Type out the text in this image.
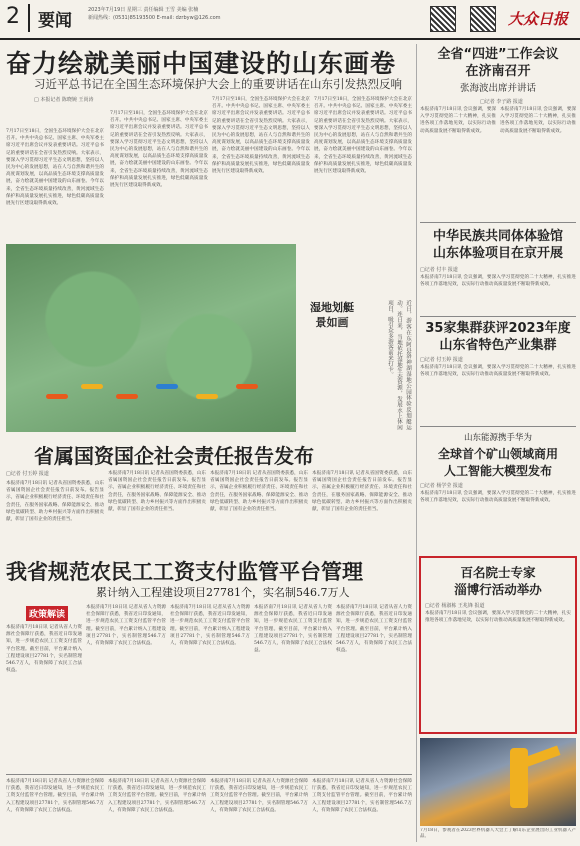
2 要闻
2023年7月19日 星期三 责任编辑 王雪 美编 张楠
新闻热线：(0531)85193500 E-mail: dzrbyw@126.com	大众日报
奋力绘就美丽中国建设的山东画卷
习近平总书记在全国生态环境保护大会上的重要讲话在山东引发热烈反响
□ 本报记者 陈晓婉 王尚涛
7月17日至18日，全国生态环境保护大会在北京召开。中共中央总书记、国家主席、中央军委主席习近平出席会议并发表重要讲话。习近平总书记的重要讲话在全省引发热烈反响。大家表示，要深入学习贯彻习近平生态文明思想，坚持以人民为中心的发展思想，站在人与自然和谐共生的高度谋划发展，以高品质生态环境支撑高质量发展，奋力绘就美丽中国建设的山东画卷。今年以来，全省生态环境质量持续改善，黄河流域生态保护和高质量发展扎实推进，绿色低碳高质量发展先行区建设取得新成效。
7月17日至18日，全国生态环境保护大会在北京召开。中共中央总书记、国家主席、中央军委主席习近平出席会议并发表重要讲话。习近平总书记的重要讲话在全省引发热烈反响。大家表示，要深入学习贯彻习近平生态文明思想，坚持以人民为中心的发展思想，站在人与自然和谐共生的高度谋划发展，以高品质生态环境支撑高质量发展，奋力绘就美丽中国建设的山东画卷。今年以来，全省生态环境质量持续改善，黄河流域生态保护和高质量发展扎实推进，绿色低碳高质量发展先行区建设取得新成效。
7月17日至18日，全国生态环境保护大会在北京召开。中共中央总书记、国家主席、中央军委主席习近平出席会议并发表重要讲话。习近平总书记的重要讲话在全省引发热烈反响。大家表示，要深入学习贯彻习近平生态文明思想，坚持以人民为中心的发展思想，站在人与自然和谐共生的高度谋划发展，以高品质生态环境支撑高质量发展，奋力绘就美丽中国建设的山东画卷。今年以来，全省生态环境质量持续改善，黄河流域生态保护和高质量发展扎实推进，绿色低碳高质量发展先行区建设取得新成效。
7月17日至18日，全国生态环境保护大会在北京召开。中共中央总书记、国家主席、中央军委主席习近平出席会议并发表重要讲话。习近平总书记的重要讲话在全省引发热烈反响。大家表示，要深入学习贯彻习近平生态文明思想，坚持以人民为中心的发展思想，站在人与自然和谐共生的高度谋划发展，以高品质生态环境支撑高质量发展，奋力绘就美丽中国建设的山东画卷。今年以来，全省生态环境质量持续改善，黄河流域生态保护和高质量发展扎实推进，绿色低碳高质量发展先行区建设取得新成效。
湿地划艇
景如画	近日，游客在东阿县洛神湖湿地公园体验皮划艇运动。连日来，当地依托湿地生态资源，发展水上休闲项目，吸引众多游客前来打卡。
省属国资国企社会责任报告发布
□记者 付玉婷 报道
本报济南7月18日讯 记者从省国资委获悉，山东省属国资国企社会责任报告日前发布。报告显示，省属企业积极履行经济责任、环境责任和社会责任，在服务国家战略、保障能源安全、推动绿色低碳转型、助力乡村振兴等方面作出积极贡献，彰显了国有企业的责任担当。
本报济南7月18日讯 记者从省国资委获悉，山东省属国资国企社会责任报告日前发布。报告显示，省属企业积极履行经济责任、环境责任和社会责任，在服务国家战略、保障能源安全、推动绿色低碳转型、助力乡村振兴等方面作出积极贡献，彰显了国有企业的责任担当。
本报济南7月18日讯 记者从省国资委获悉，山东省属国资国企社会责任报告日前发布。报告显示，省属企业积极履行经济责任、环境责任和社会责任，在服务国家战略、保障能源安全、推动绿色低碳转型、助力乡村振兴等方面作出积极贡献，彰显了国有企业的责任担当。
本报济南7月18日讯 记者从省国资委获悉，山东省属国资国企社会责任报告日前发布。报告显示，省属企业积极履行经济责任、环境责任和社会责任，在服务国家战略、保障能源安全、推动绿色低碳转型、助力乡村振兴等方面作出积极贡献，彰显了国有企业的责任担当。
我省规范农民工工资支付监管平台管理
累计纳入工程建设项目27781个，实名制546.7万人
政策解读
本报济南7月18日讯 记者从省人力资源社会保障厅获悉，我省近日印发通知，进一步规范农民工工资支付监管平台管理。截至目前，平台累计纳入工程建设项目27781个，实名制管理546.7万人，有效保障了农民工合法权益。
本报济南7月18日讯 记者从省人力资源社会保障厅获悉，我省近日印发通知，进一步规范农民工工资支付监管平台管理。截至目前，平台累计纳入工程建设项目27781个，实名制管理546.7万人，有效保障了农民工合法权益。
本报济南7月18日讯 记者从省人力资源社会保障厅获悉，我省近日印发通知，进一步规范农民工工资支付监管平台管理。截至目前，平台累计纳入工程建设项目27781个，实名制管理546.7万人，有效保障了农民工合法权益。
本报济南7月18日讯 记者从省人力资源社会保障厅获悉，我省近日印发通知，进一步规范农民工工资支付监管平台管理。截至目前，平台累计纳入工程建设项目27781个，实名制管理546.7万人，有效保障了农民工合法权益。
本报济南7月18日讯 记者从省人力资源社会保障厅获悉，我省近日印发通知，进一步规范农民工工资支付监管平台管理。截至目前，平台累计纳入工程建设项目27781个，实名制管理546.7万人，有效保障了农民工合法权益。
本报济南7月18日讯 记者从省人力资源社会保障厅获悉，我省近日印发通知，进一步规范农民工工资支付监管平台管理。截至目前，平台累计纳入工程建设项目27781个，实名制管理546.7万人，有效保障了农民工合法权益。
本报济南7月18日讯 记者从省人力资源社会保障厅获悉，我省近日印发通知，进一步规范农民工工资支付监管平台管理。截至目前，平台累计纳入工程建设项目27781个，实名制管理546.7万人，有效保障了农民工合法权益。
本报济南7月18日讯 记者从省人力资源社会保障厅获悉，我省近日印发通知，进一步规范农民工工资支付监管平台管理。截至目前，平台累计纳入工程建设项目27781个，实名制管理546.7万人，有效保障了农民工合法权益。
本报济南7月18日讯 记者从省人力资源社会保障厅获悉，我省近日印发通知，进一步规范农民工工资支付监管平台管理。截至目前，平台累计纳入工程建设项目27781个，实名制管理546.7万人，有效保障了农民工合法权益。
全省“四进”工作会议
在济南召开
张海波出席并讲话
□记者 李子路 报道
本报济南7月18日讯 会议强调，要深入学习贯彻党的二十大精神，扎实推进各项工作落地见效，以实际行动推动高质量发展不断取得新成效。
本报济南7月18日讯 会议强调，要深入学习贯彻党的二十大精神，扎实推进各项工作落地见效，以实际行动推动高质量发展不断取得新成效。
中华民族共同体体验馆
山东体验项目在京开展
□记者 付丰 报道
本报济南7月18日讯 会议强调，要深入学习贯彻党的二十大精神，扎实推进各项工作落地见效，以实际行动推动高质量发展不断取得新成效。
35家集群获评2023年度
山东省特色产业集群
□记者 付玉婷 报道
本报济南7月18日讯 会议强调，要深入学习贯彻党的二十大精神，扎实推进各项工作落地见效，以实际行动推动高质量发展不断取得新成效。
山东能源携手华为
全球首个矿山领域商用
人工智能大模型发布
□记者 杨学莹 报道
本报济南7月18日讯 会议强调，要深入学习贯彻党的二十大精神，扎实推进各项工作落地见效，以实际行动推动高质量发展不断取得新成效。
百名院士专家
淄博行活动举办
□记者 杨淑栋 王兆锋 报道
本报济南7月18日讯 会议强调，要深入学习贯彻党的二十大精神，扎实推进各项工作落地见效，以实际行动推动高质量发展不断取得新成效。
7月18日，参观者在2023世界机器人大会上了解山东企业展出的工业机器人产品。
